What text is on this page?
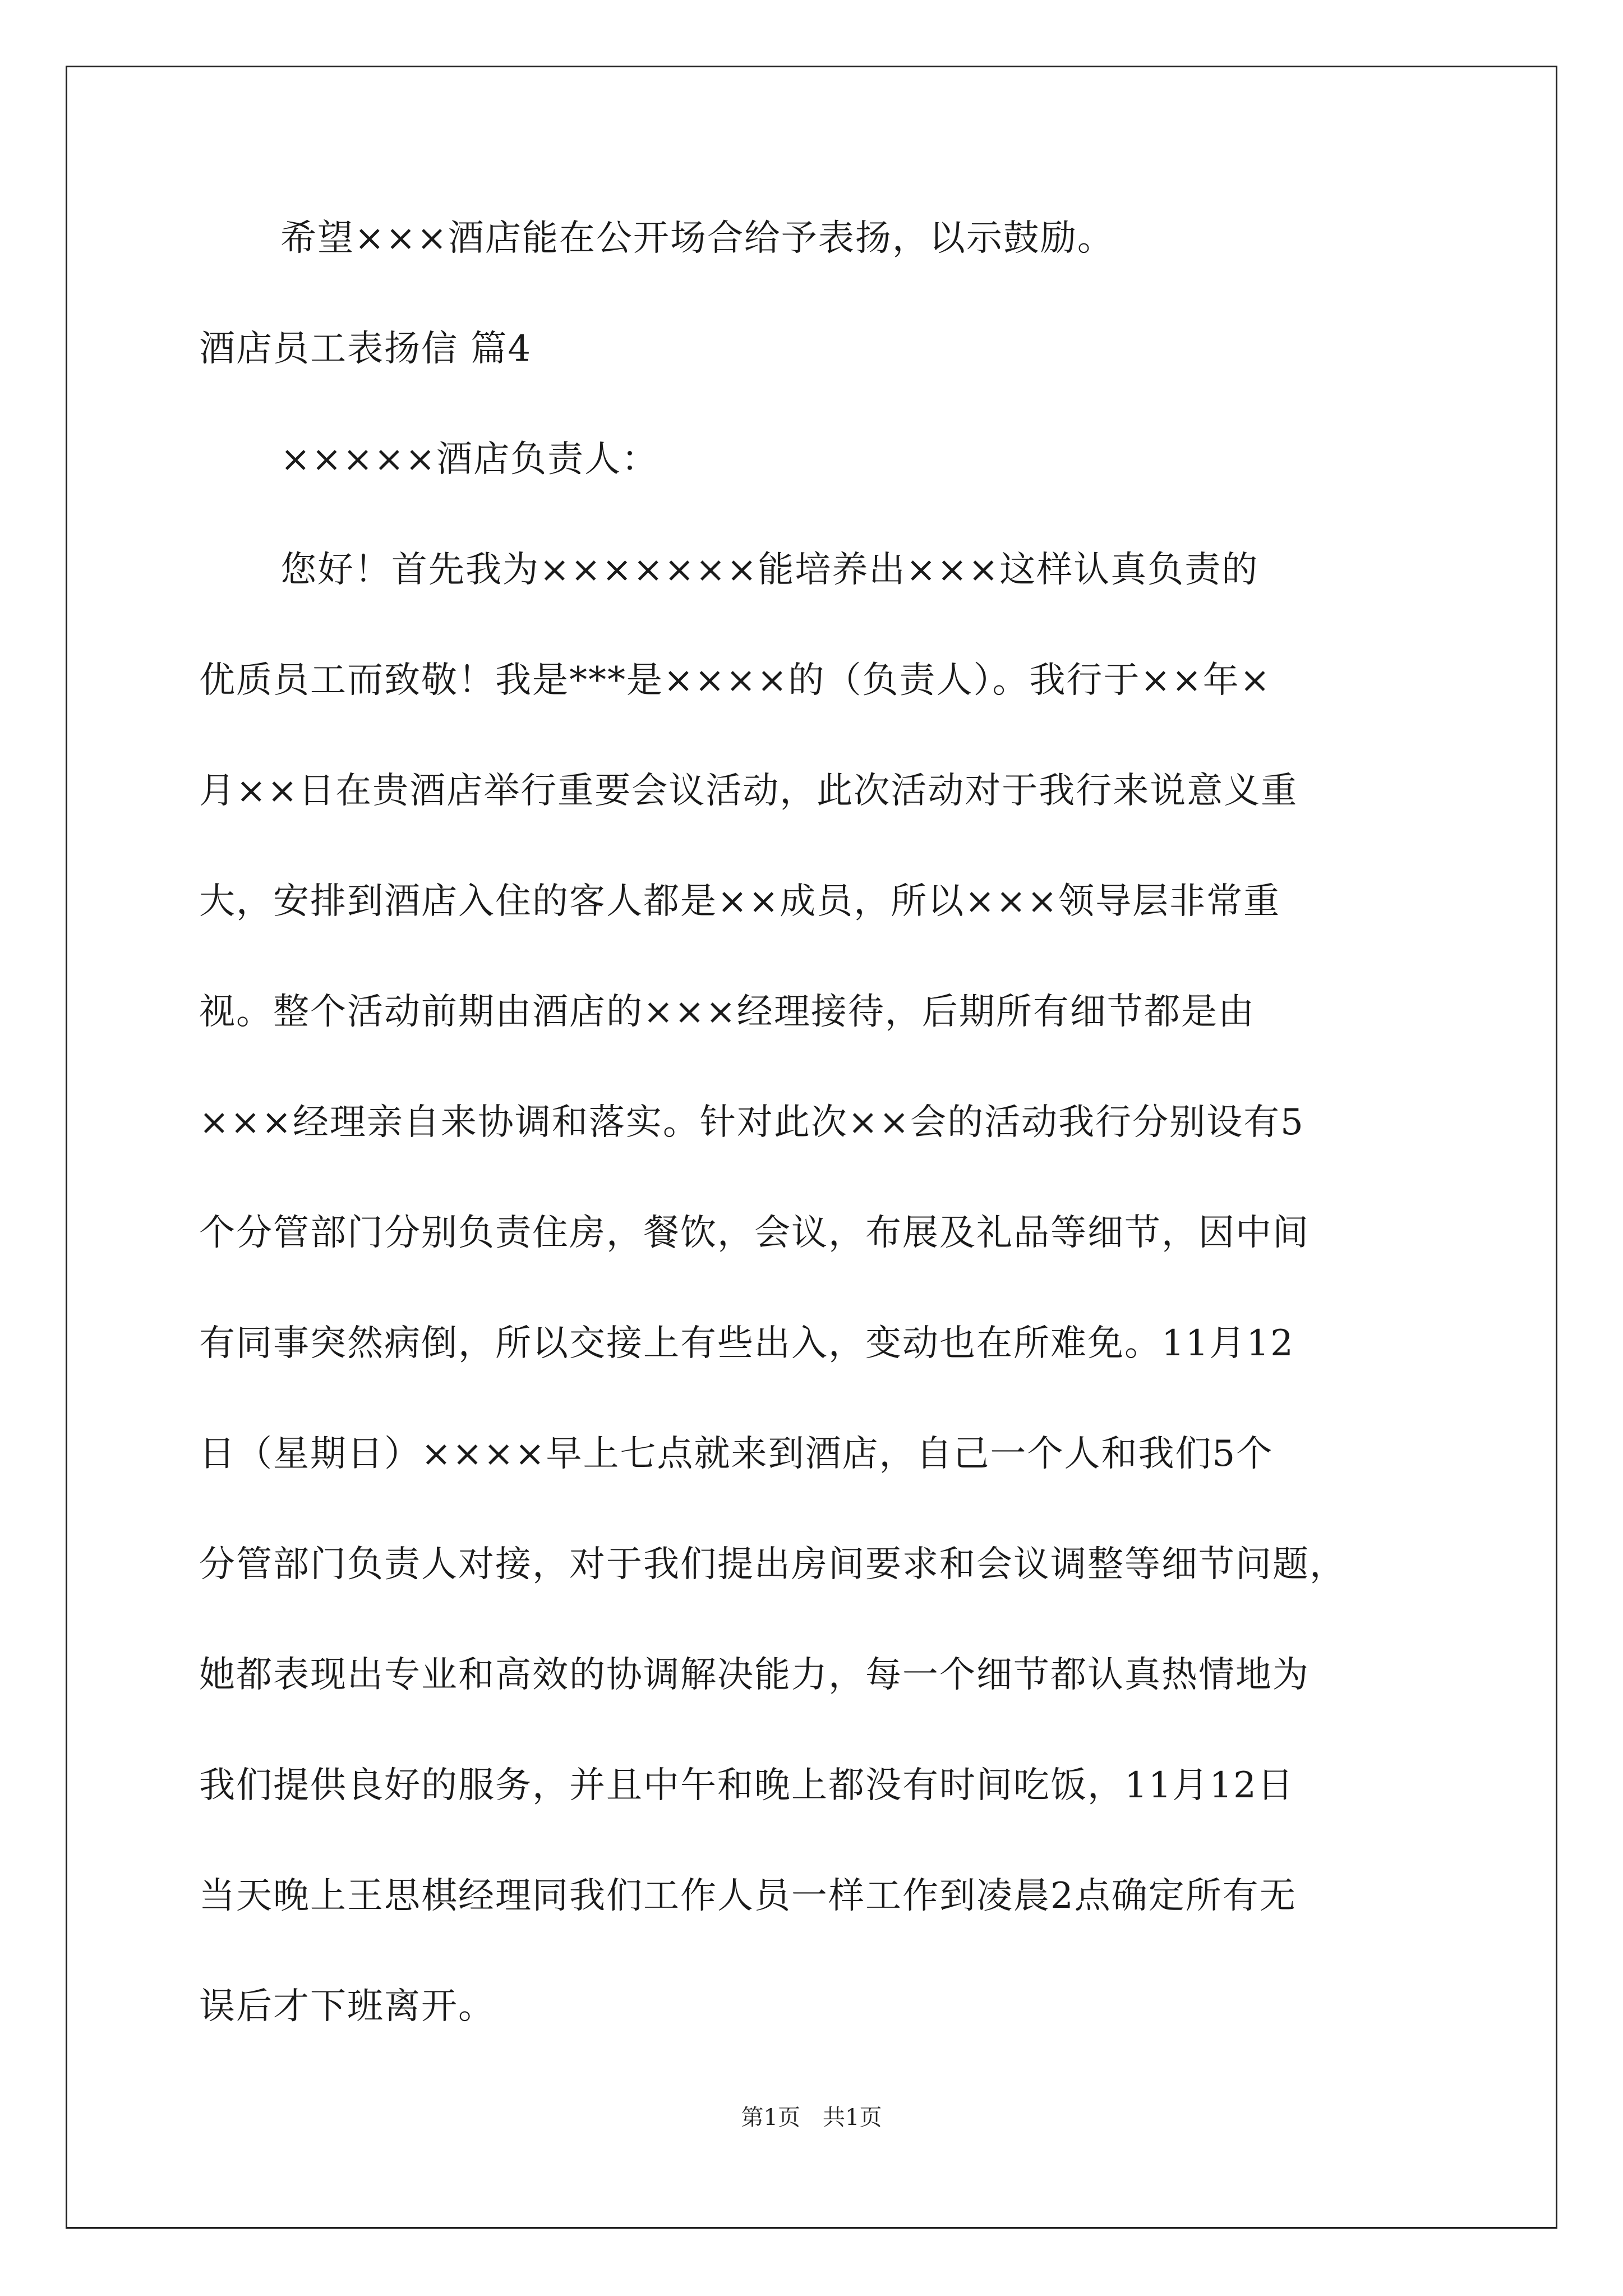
希望×××酒店能在公开场合给予表扬，以示鼓励。
酒店员工表扬信 篇4
×××××酒店负责人：
您好！首先我为×××××××能培养出×××这样认真负责的
优质员工而致敬！我是***是××××的（负责人）。我行于××年×
月××日在贵酒店举行重要会议活动，此次活动对于我行来说意义重
大，安排到酒店入住的客人都是××成员，所以×××领导层非常重
视。整个活动前期由酒店的×××经理接待，后期所有细节都是由
×××经理亲自来协调和落实。针对此次××会的活动我行分别设有5
个分管部门分别负责住房，餐饮，会议，布展及礼品等细节，因中间
有同事突然病倒，所以交接上有些出入，变动也在所难免。11月12
日（星期日）××××早上七点就来到酒店，自己一个人和我们5个
分管部门负责人对接，对于我们提出房间要求和会议调整等细节问题，
她都表现出专业和高效的协调解决能力，每一个细节都认真热情地为
我们提供良好的服务，并且中午和晚上都没有时间吃饭，11月12日
当天晚上王思棋经理同我们工作人员一样工作到凌晨2点确定所有无
误后才下班离开。
第1页　共1页
